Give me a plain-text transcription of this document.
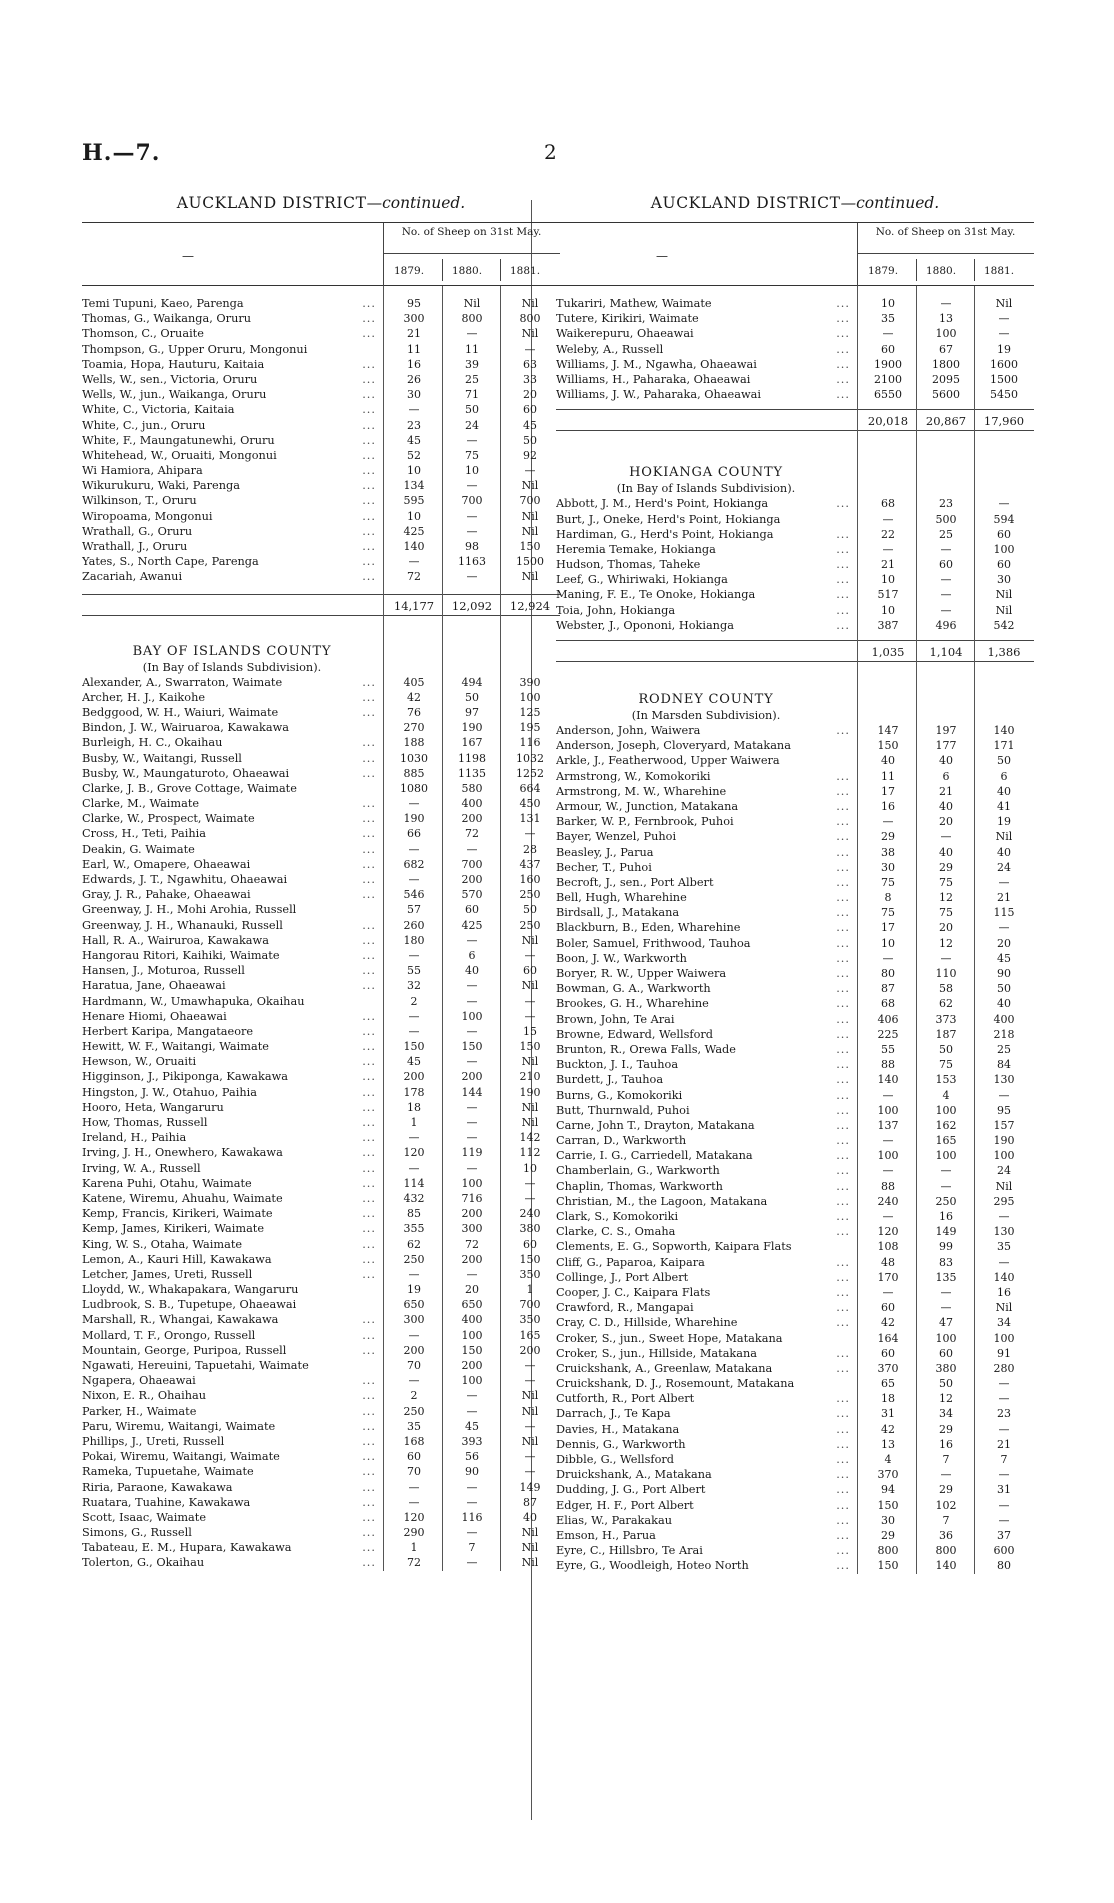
H.—7.	2
AUCKLAND DISTRICT—continued.
—
No. of Sheep on 31st May.
1879.	1880.	1881.
Temi Tupuni, Kaeo, Parenga	...	95	Nil	Nil
Thomas, G., Waikanga, Oruru	...	300	800	800
Thomson, C., Oruaite	...	21	—	Nil
Thompson, G., Upper Oruru, Mongonui	11	11	—
Toamia, Hopa, Hauturu, Kaitaia	...	16	39	63
Wells, W., sen., Victoria, Oruru	...	26	25	33
Wells, W., jun., Waikanga, Oruru	...	30	71	20
White, C., Victoria, Kaitaia	...	—	50	60
White, C., jun., Oruru	...	23	24	45
White, F., Maungatunewhi, Oruru	...	45	—	50
Whitehead, W., Oruaiti, Mongonui	...	52	75	92
Wi Hamiora, Ahipara	...	10	10	—
Wikurukuru, Waki, Parenga	...	134	—	Nil
Wilkinson, T., Oruru	...	595	700	700
Wiropoama, Mongonui	...	10	—	Nil
Wrathall, G., Oruru	...	425	—	Nil
Wrathall, J., Oruru	...	140	98	150
Yates, S., North Cape, Parenga	...	—	1163	1500
Zacariah, Awanui	...	72	—	Nil
14,177	12,092	12,924
BAY OF ISLANDS COUNTY
(In Bay of Islands Subdivision).
Alexander, A., Swarraton, Waimate	...	405	494	390
Archer, H. J., Kaikohe	...	42	50	100
Bedggood, W. H., Waiuri, Waimate	...	76	97	125
Bindon, J. W., Wairuaroa, Kawakawa	270	190	195
Burleigh, H. C., Okaihau	...	188	167	116
Busby, W., Waitangi, Russell	...	1030	1198	1032
Busby, W., Maungaturoto, Ohaeawai	...	885	1135	1252
Clarke, J. B., Grove Cottage, Waimate	1080	580	664
Clarke, M., Waimate	...	—	400	450
Clarke, W., Prospect, Waimate	...	190	200	131
Cross, H., Teti, Paihia	...	66	72	—
Deakin, G. Waimate	...	—	—	28
Earl, W., Omapere, Ohaeawai	...	682	700	437
Edwards, J. T., Ngawhitu, Ohaeawai	...	—	200	160
Gray, J. R., Pahake, Ohaeawai	...	546	570	250
Greenway, J. H., Mohi Arohia, Russell	57	60	50
Greenway, J. H., Whanauki, Russell	...	260	425	250
Hall, R. A., Wairuroa, Kawakawa	...	180	—	Nil
Hangorau Ritori, Kaihiki, Waimate	...	—	6	—
Hansen, J., Moturoa, Russell	...	55	40	60
Haratua, Jane, Ohaeawai	...	32	—	Nil
Hardmann, W., Umawhapuka, Okaihau	2	—	—
Henare Hiomi, Ohaeawai	...	—	100	—
Herbert Karipa, Mangataeore	...	—	—	15
Hewitt, W. F., Waitangi, Waimate	...	150	150	150
Hewson, W., Oruaiti	...	45	—	Nil
Higginson, J., Pikiponga, Kawakawa	...	200	200	210
Hingston, J. W., Otahuo, Paihia	...	178	144	190
Hooro, Heta, Wangaruru	...	18	—	Nil
How, Thomas, Russell	...	1	—	Nil
Ireland, H., Paihia	...	—	—	142
Irving, J. H., Onewhero, Kawakawa	...	120	119	112
Irving, W. A., Russell	...	—	—	10
Karena Puhi, Otahu, Waimate	...	114	100	—
Katene, Wiremu, Ahuahu, Waimate	...	432	716	—
Kemp, Francis, Kirikeri, Waimate	...	85	200	240
Kemp, James, Kirikeri, Waimate	...	355	300	380
King, W. S., Otaha, Waimate	...	62	72	60
Lemon, A., Kauri Hill, Kawakawa	...	250	200	150
Letcher, James, Ureti, Russell	...	—	—	350
Lloydd, W., Whakapakara, Wangaruru	19	20	1
Ludbrook, S. B., Tupetupe, Ohaeawai	650	650	700
Marshall, R., Whangai, Kawakawa	...	300	400	350
Mollard, T. F., Orongo, Russell	...	—	100	165
Mountain, George, Puripoa, Russell	...	200	150	200
Ngawati, Hereuini, Tapuetahi, Waimate	70	200	—
Ngapera, Ohaeawai	...	—	100	—
Nixon, E. R., Ohaihau	...	2	—	Nil
Parker, H., Waimate	...	250	—	Nil
Paru, Wiremu, Waitangi, Waimate	...	35	45	—
Phillips, J., Ureti, Russell	...	168	393	Nil
Pokai, Wiremu, Waitangi, Waimate	...	60	56	—
Rameka, Tupuetahe, Waimate	...	70	90	—
Riria, Paraone, Kawakawa	...	—	—	149
Ruatara, Tuahine, Kawakawa	...	—	—	87
Scott, Isaac, Waimate	...	120	116	40
Simons, G., Russell	...	290	—	Nil
Tabateau, E. M., Hupara, Kawakawa	...	1	7	Nil
Tolerton, G., Okaihau	...	72	—	Nil
AUCKLAND DISTRICT—continued.
—
No. of Sheep on 31st May.
1879.	1880.	1881.
Tukariri, Mathew, Waimate	...	10	—	Nil
Tutere, Kirikiri, Waimate	...	35	13	—
Waikerepuru, Ohaeawai	...	—	100	—
Weleby, A., Russell	...	60	67	19
Williams, J. M., Ngawha, Ohaeawai	...	1900	1800	1600
Williams, H., Paharaka, Ohaeawai	...	2100	2095	1500
Williams, J. W., Paharaka, Ohaeawai	...	6550	5600	5450
20,018	20,867	17,960
HOKIANGA COUNTY
(In Bay of Islands Subdivision).
Abbott, J. M., Herd's Point, Hokianga	...	68	23	—
Burt, J., Oneke, Herd's Point, Hokianga	—	500	594
Hardiman, G., Herd's Point, Hokianga	...	22	25	60
Heremia Temake, Hokianga	...	—	—	100
Hudson, Thomas, Taheke	...	21	60	60
Leef, G., Whiriwaki, Hokianga	...	10	—	30
Maning, F. E., Te Onoke, Hokianga	...	517	—	Nil
Toia, John, Hokianga	...	10	—	Nil
Webster, J., Opononi, Hokianga	...	387	496	542
1,035	1,104	1,386
RODNEY COUNTY
(In Marsden Subdivision).
Anderson, John, Waiwera	...	147	197	140
Anderson, Joseph, Cloveryard, Matakana	150	177	171
Arkle, J., Featherwood, Upper Waiwera	40	40	50
Armstrong, W., Komokoriki	...	11	6	6
Armstrong, M. W., Wharehine	...	17	21	40
Armour, W., Junction, Matakana	...	16	40	41
Barker, W. P., Fernbrook, Puhoi	...	—	20	19
Bayer, Wenzel, Puhoi	...	29	—	Nil
Beasley, J., Parua	...	38	40	40
Becher, T., Puhoi	...	30	29	24
Becroft, J., sen., Port Albert	...	75	75	—
Bell, Hugh, Wharehine	...	8	12	21
Birdsall, J., Matakana	...	75	75	115
Blackburn, B., Eden, Wharehine	...	17	20	—
Boler, Samuel, Frithwood, Tauhoa	...	10	12	20
Boon, J. W., Warkworth	...	—	—	45
Boryer, R. W., Upper Waiwera	...	80	110	90
Bowman, G. A., Warkworth	...	87	58	50
Brookes, G. H., Wharehine	...	68	62	40
Brown, John, Te Arai	...	406	373	400
Browne, Edward, Wellsford	...	225	187	218
Brunton, R., Orewa Falls, Wade	...	55	50	25
Buckton, J. I., Tauhoa	...	88	75	84
Burdett, J., Tauhoa	...	140	153	130
Burns, G., Komokoriki	...	—	4	—
Butt, Thurnwald, Puhoi	...	100	100	95
Carne, John T., Drayton, Matakana	...	137	162	157
Carran, D., Warkworth	...	—	165	190
Carrie, I. G., Carriedell, Matakana	...	100	100	100
Chamberlain, G., Warkworth	...	—	—	24
Chaplin, Thomas, Warkworth	...	88	—	Nil
Christian, M., the Lagoon, Matakana	...	240	250	295
Clark, S., Komokoriki	...	—	16	—
Clarke, C. S., Omaha	...	120	149	130
Clements, E. G., Sopworth, Kaipara Flats	108	99	35
Cliff, G., Paparoa, Kaipara	...	48	83	—
Collinge, J., Port Albert	...	170	135	140
Cooper, J. C., Kaipara Flats	...	—	—	16
Crawford, R., Mangapai	...	60	—	Nil
Cray, C. D., Hillside, Wharehine	...	42	47	34
Croker, S., jun., Sweet Hope, Matakana	164	100	100
Croker, S., jun., Hillside, Matakana	...	60	60	91
Cruickshank, A., Greenlaw, Matakana	...	370	380	280
Cruickshank, D. J., Rosemount, Matakana	65	50	—
Cutforth, R., Port Albert	...	18	12	—
Darrach, J., Te Kapa	...	31	34	23
Davies, H., Matakana	...	42	29	—
Dennis, G., Warkworth	...	13	16	21
Dibble, G., Wellsford	...	4	7	7
Druickshank, A., Matakana	...	370	—	—
Dudding, J. G., Port Albert	...	94	29	31
Edger, H. F., Port Albert	...	150	102	—
Elias, W., Parakakau	...	30	7	—
Emson, H., Parua	...	29	36	37
Eyre, C., Hillsbro, Te Arai	...	800	800	600
Eyre, G., Woodleigh, Hoteo North	...	150	140	80
